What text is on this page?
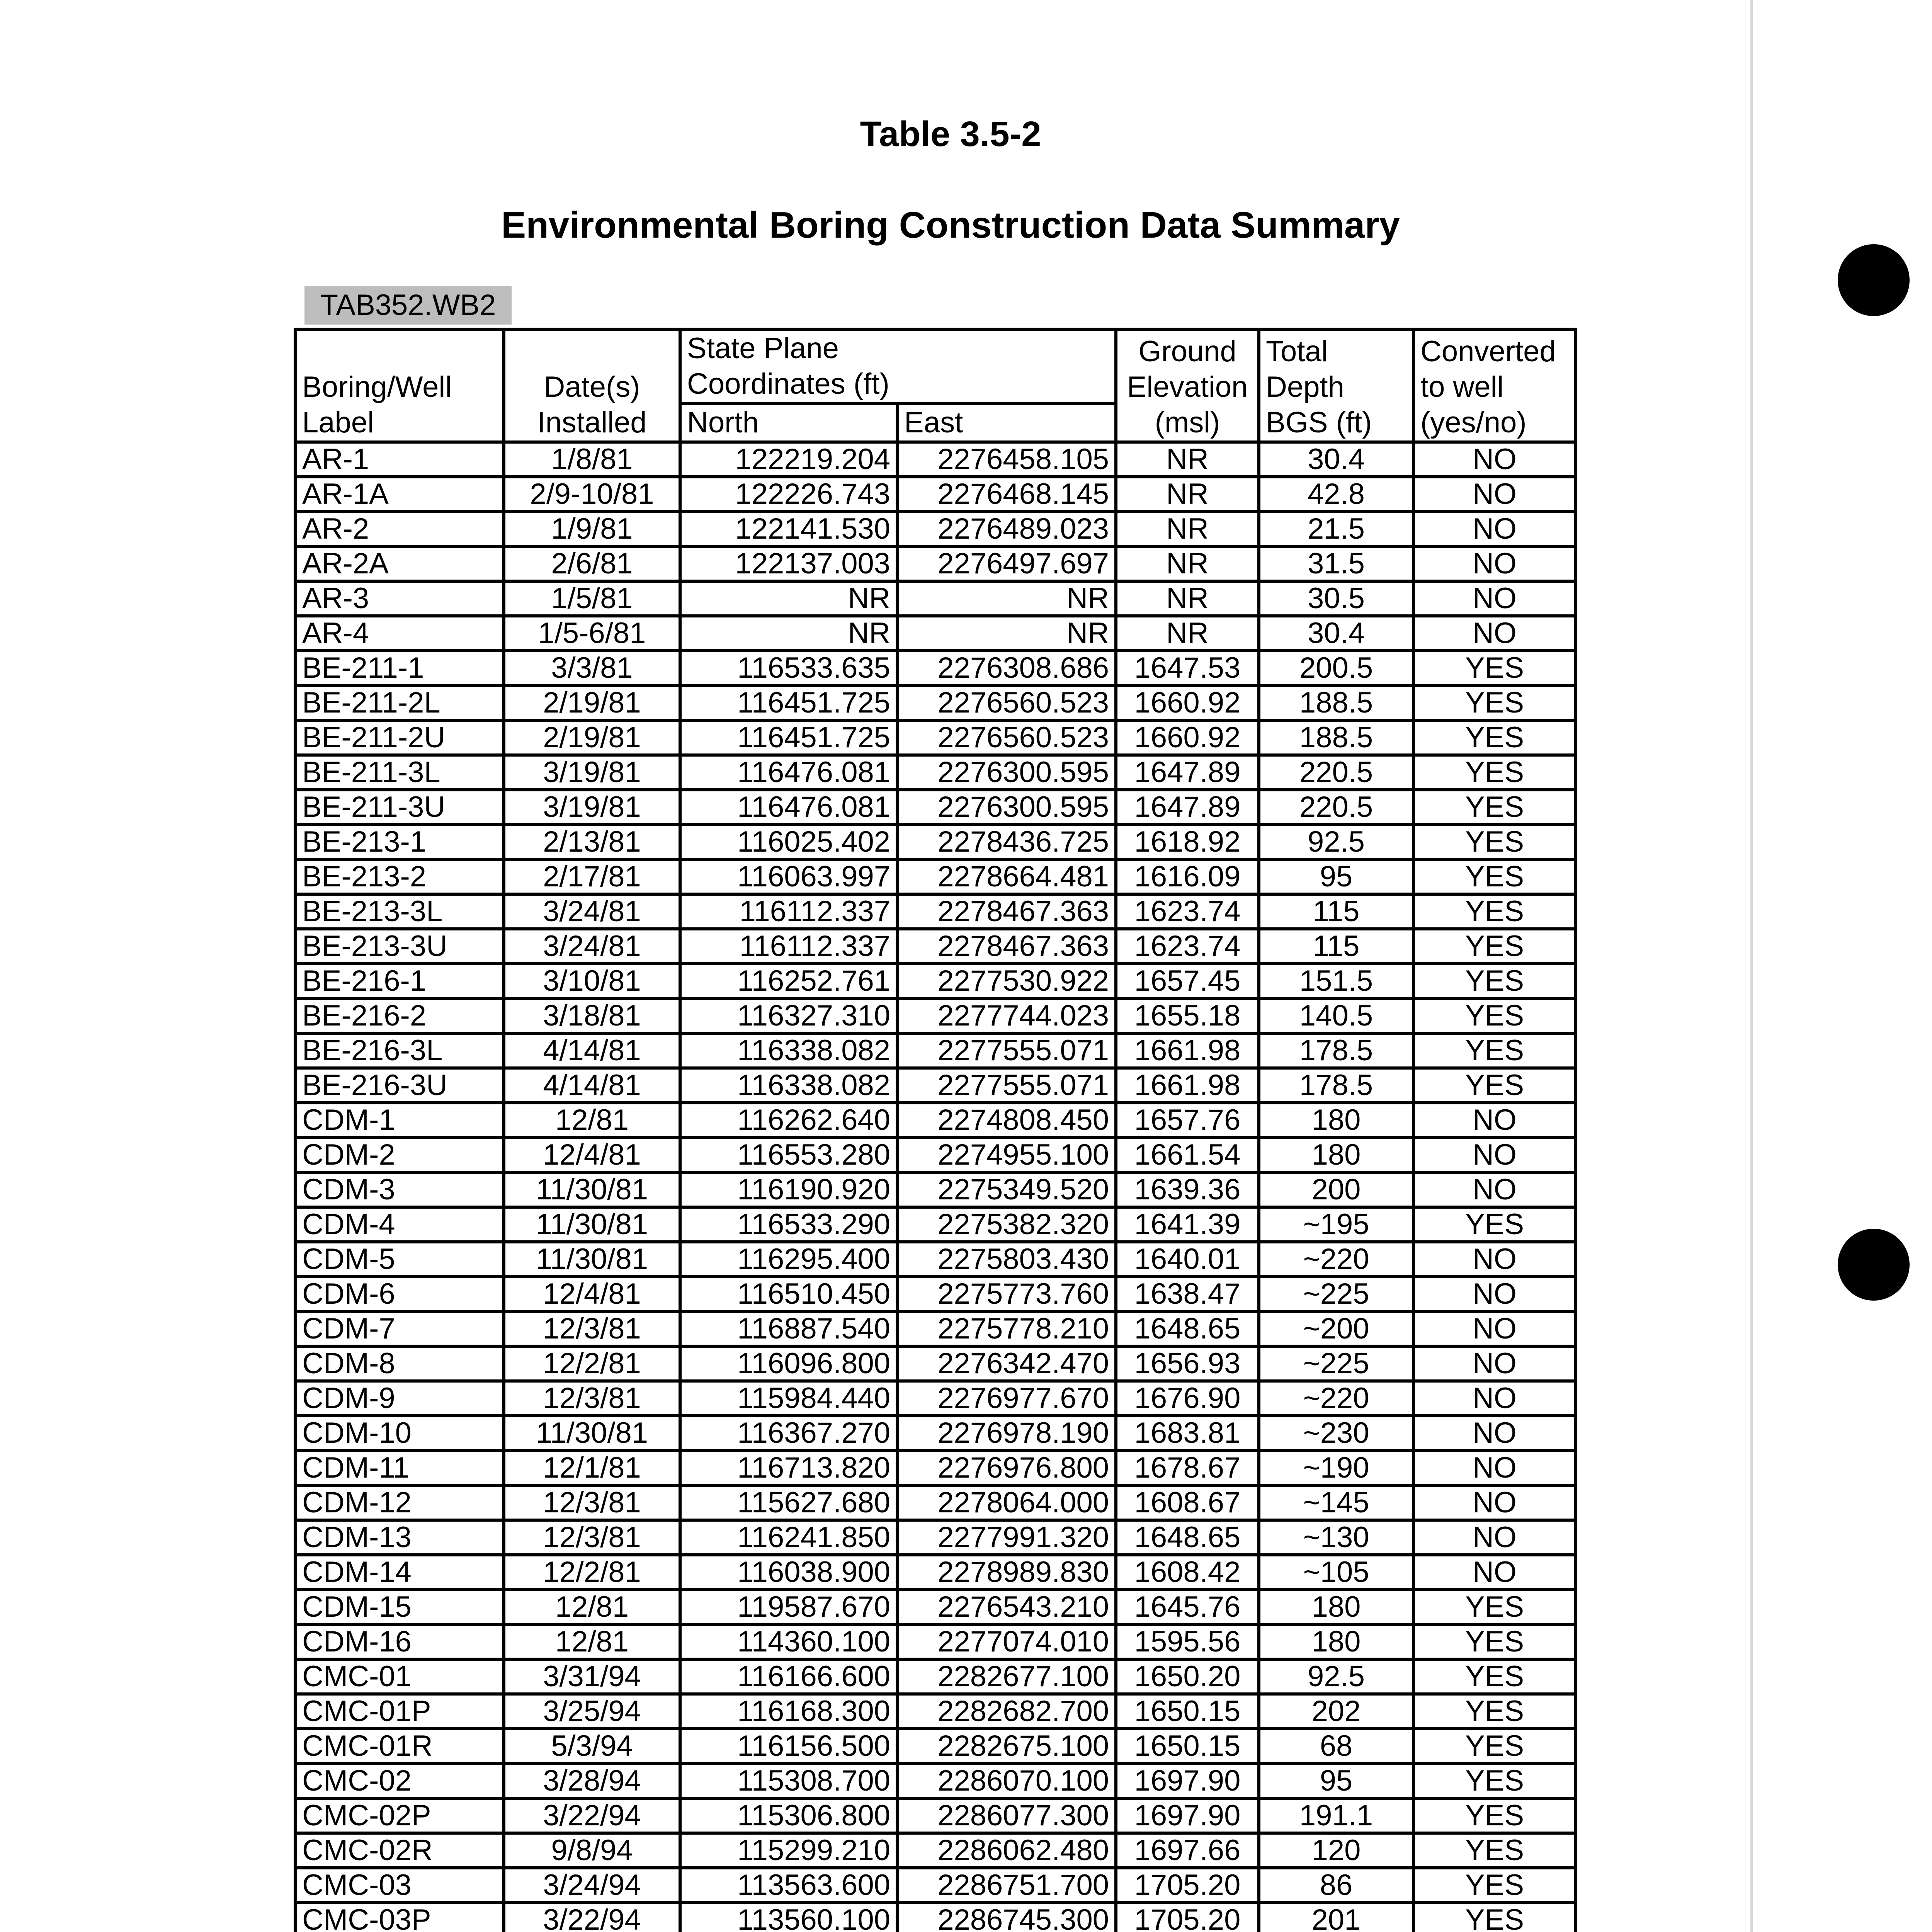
Table 3.5-2
Environmental Boring Construction Data Summary
TAB352.WB2
Boring/Well Label	Date(s) Installed	State Plane Coordinates (ft)		Ground Elevation (msl)	Total Depth BGS (ft)	Converted to well (yes/no)
		North	East			
AR-1	1/8/81	122219.204	2276458.105	NR	30.4	NO
AR-1A	2/9-10/81	122226.743	2276468.145	NR	42.8	NO
AR-2	1/9/81	122141.530	2276489.023	NR	21.5	NO
AR-2A	2/6/81	122137.003	2276497.697	NR	31.5	NO
AR-3	1/5/81	NR	NR	NR	30.5	NO
AR-4	1/5-6/81	NR	NR	NR	30.4	NO
BE-211-1	3/3/81	116533.635	2276308.686	1647.53	200.5	YES
BE-211-2L	2/19/81	116451.725	2276560.523	1660.92	188.5	YES
BE-211-2U	2/19/81	116451.725	2276560.523	1660.92	188.5	YES
BE-211-3L	3/19/81	116476.081	2276300.595	1647.89	220.5	YES
BE-211-3U	3/19/81	116476.081	2276300.595	1647.89	220.5	YES
BE-213-1	2/13/81	116025.402	2278436.725	1618.92	92.5	YES
BE-213-2	2/17/81	116063.997	2278664.481	1616.09	95	YES
BE-213-3L	3/24/81	116112.337	2278467.363	1623.74	115	YES
BE-213-3U	3/24/81	116112.337	2278467.363	1623.74	115	YES
BE-216-1	3/10/81	116252.761	2277530.922	1657.45	151.5	YES
BE-216-2	3/18/81	116327.310	2277744.023	1655.18	140.5	YES
BE-216-3L	4/14/81	116338.082	2277555.071	1661.98	178.5	YES
BE-216-3U	4/14/81	116338.082	2277555.071	1661.98	178.5	YES
CDM-1	12/81	116262.640	2274808.450	1657.76	180	NO
CDM-2	12/4/81	116553.280	2274955.100	1661.54	180	NO
CDM-3	11/30/81	116190.920	2275349.520	1639.36	200	NO
CDM-4	11/30/81	116533.290	2275382.320	1641.39	~195	YES
CDM-5	11/30/81	116295.400	2275803.430	1640.01	~220	NO
CDM-6	12/4/81	116510.450	2275773.760	1638.47	~225	NO
CDM-7	12/3/81	116887.540	2275778.210	1648.65	~200	NO
CDM-8	12/2/81	116096.800	2276342.470	1656.93	~225	NO
CDM-9	12/3/81	115984.440	2276977.670	1676.90	~220	NO
CDM-10	11/30/81	116367.270	2276978.190	1683.81	~230	NO
CDM-11	12/1/81	116713.820	2276976.800	1678.67	~190	NO
CDM-12	12/3/81	115627.680	2278064.000	1608.67	~145	NO
CDM-13	12/3/81	116241.850	2277991.320	1648.65	~130	NO
CDM-14	12/2/81	116038.900	2278989.830	1608.42	~105	NO
CDM-15	12/81	119587.670	2276543.210	1645.76	180	YES
CDM-16	12/81	114360.100	2277074.010	1595.56	180	YES
CMC-01	3/31/94	116166.600	2282677.100	1650.20	92.5	YES
CMC-01P	3/25/94	116168.300	2282682.700	1650.15	202	YES
CMC-01R	5/3/94	116156.500	2282675.100	1650.15	68	YES
CMC-02	3/28/94	115308.700	2286070.100	1697.90	95	YES
CMC-02P	3/22/94	115306.800	2286077.300	1697.90	191.1	YES
CMC-02R	9/8/94	115299.210	2286062.480	1697.66	120	YES
CMC-03	3/24/94	113563.600	2286751.700	1705.20	86	YES
CMC-03P	3/22/94	113560.100	2286745.300	1705.20	201	YES
